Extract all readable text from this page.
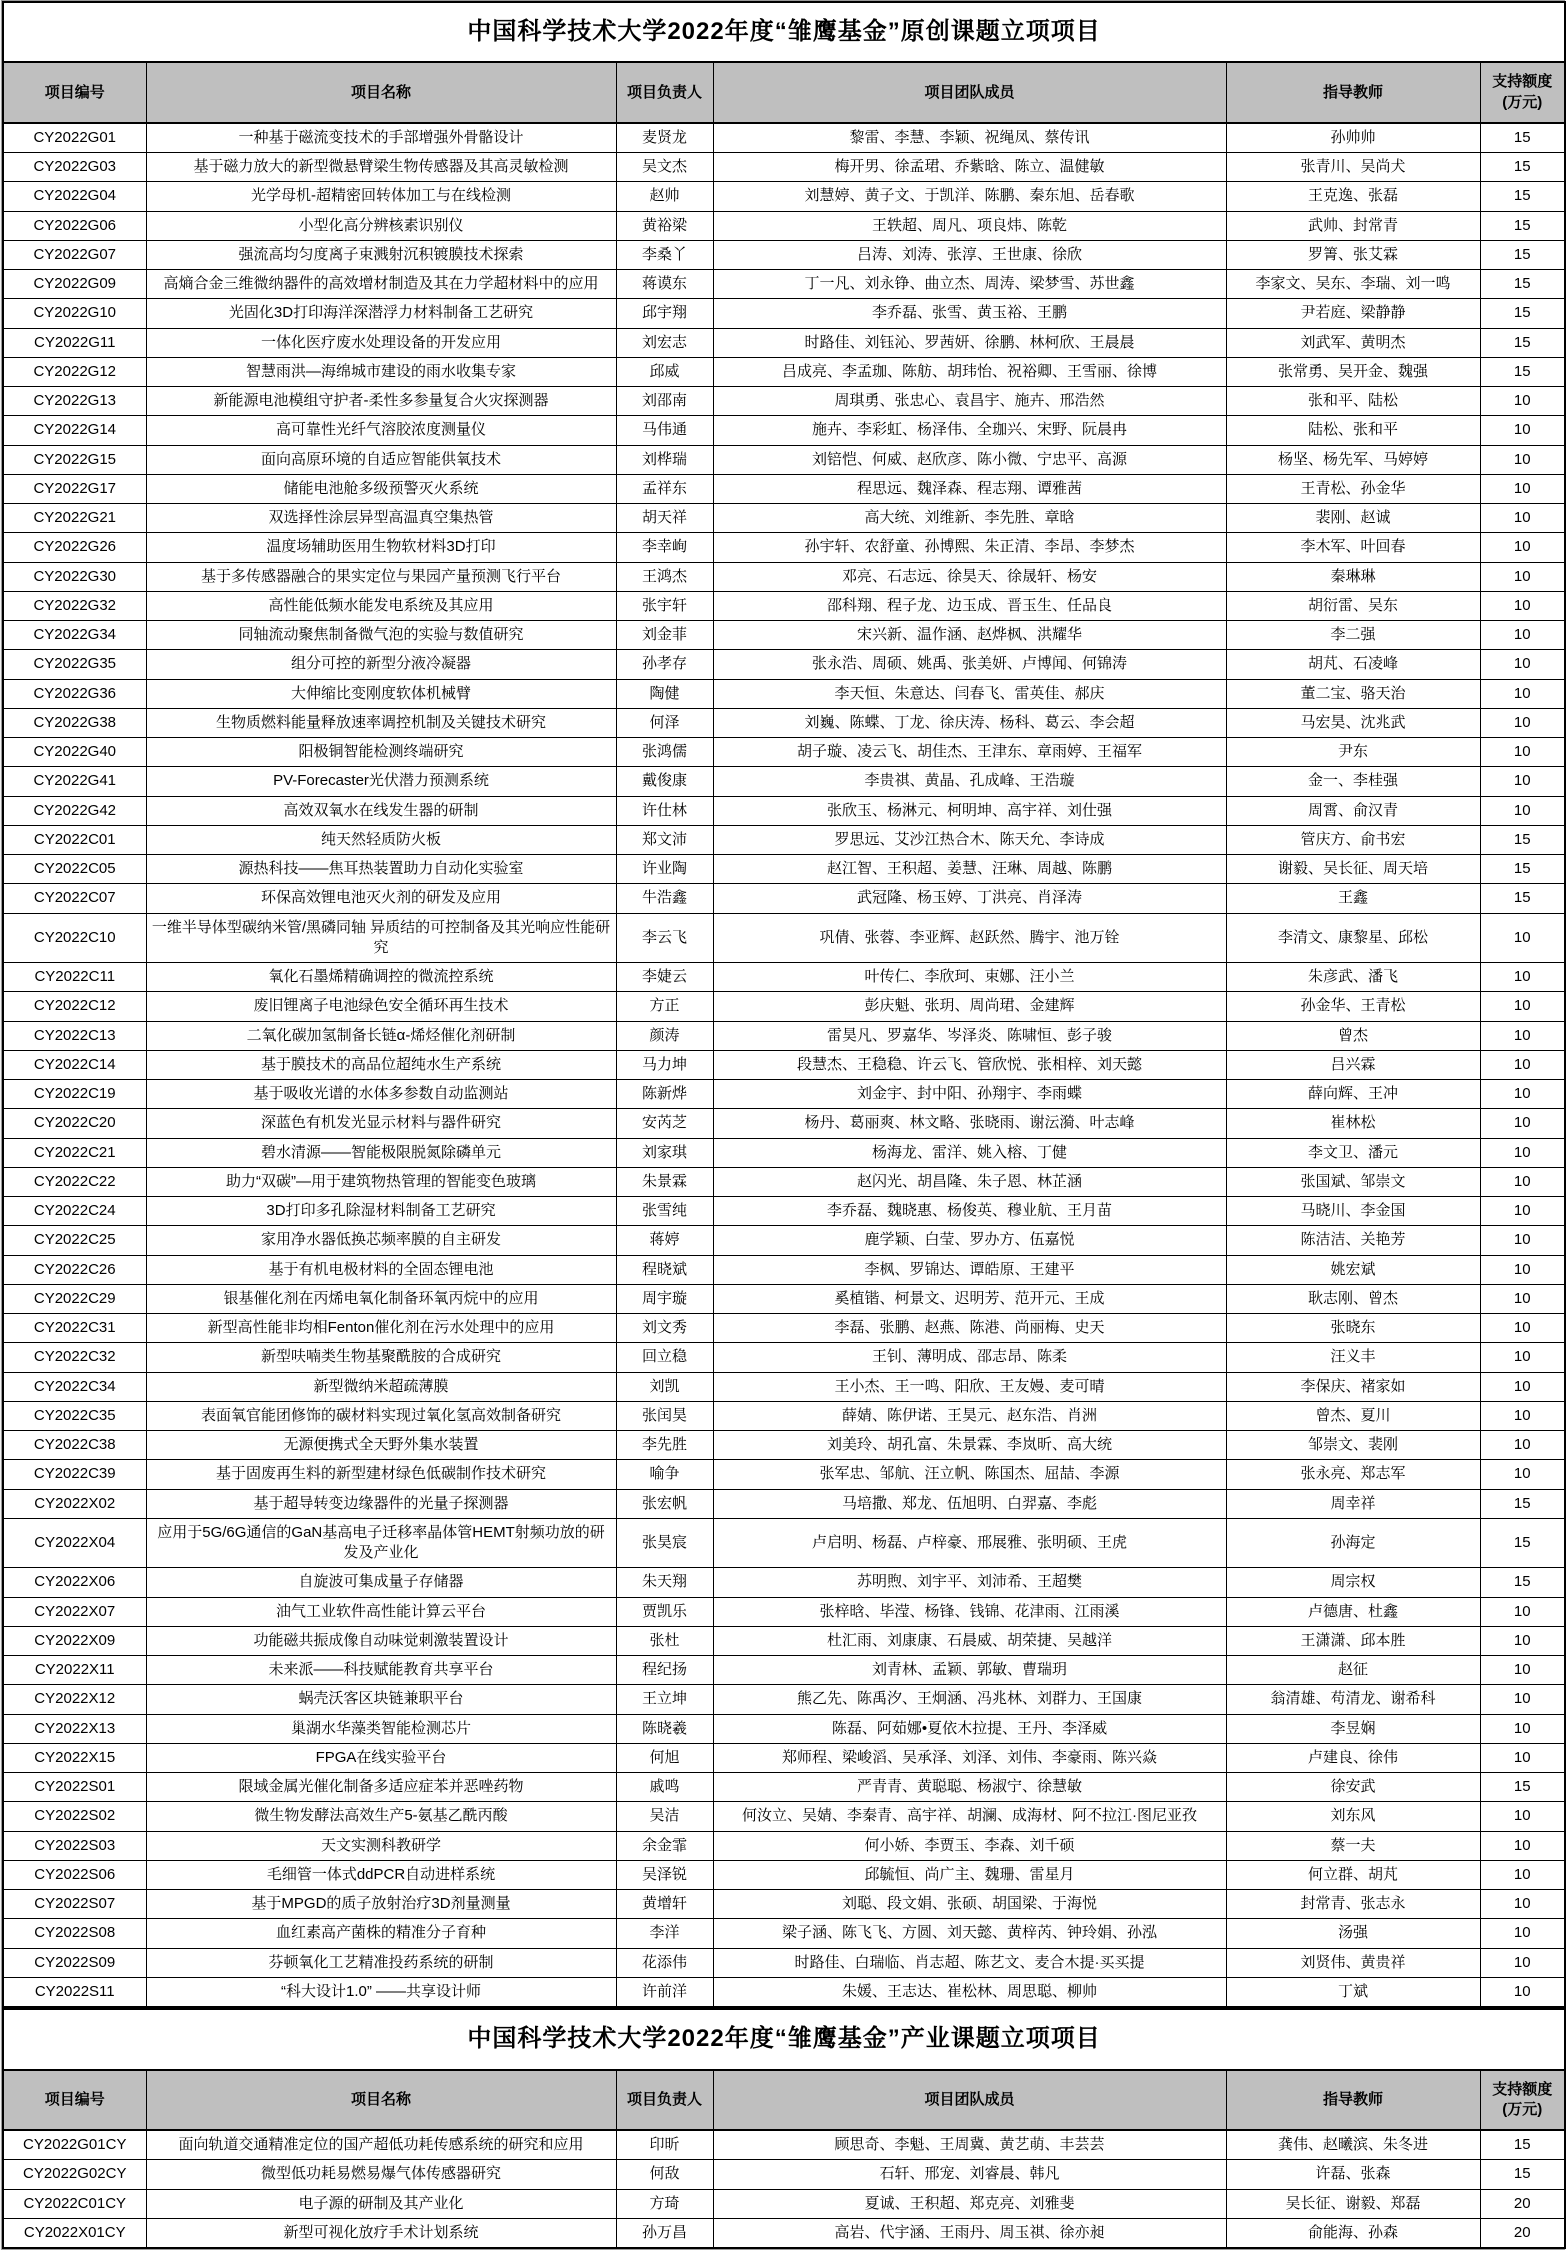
中国科学技术大学2022年度“雏鹰基金”原创课题立项项目					
项目编号	项目名称	项目负责人	项目团队成员	指导教师	支持额度(万元)
CY2022G01	一种基于磁流变技术的手部增强外骨骼设计	麦贤龙	黎雷、李慧、李颖、祝绳凤、蔡传讯	孙帅帅	15
CY2022G03	基于磁力放大的新型微悬臂梁生物传感器及其高灵敏检测	吴文杰	梅开男、徐孟珺、乔紫晗、陈立、温健敏	张青川、吴尚犬	15
CY2022G04	光学母机-超精密回转体加工与在线检测	赵帅	刘慧婷、黄子文、于凯洋、陈鹏、秦东旭、岳春歌	王克逸、张磊	15
CY2022G06	小型化高分辨核素识别仪	黄裕梁	王轶超、周凡、项良炜、陈乾	武帅、封常青	15
CY2022G07	强流高均匀度离子束溅射沉积镀膜技术探索	李桑丫	吕涛、刘涛、张淳、王世康、徐欣	罗箐、张艾霖	15
CY2022G09	高熵合金三维微纳器件的高效增材制造及其在力学超材料中的应用	蒋谟东	丁一凡、刘永铮、曲立杰、周涛、梁梦雪、苏世鑫	李家文、吴东、李瑞、刘一鸣	15
CY2022G10	光固化3D打印海洋深潜浮力材料制备工艺研究	邱宇翔	李乔磊、张雪、黄玉裕、王鹏	尹若庭、梁静静	15
CY2022G11	一体化医疗废水处理设备的开发应用	刘宏志	时路佳、刘钰沁、罗茜妍、徐鹏、林柯欣、王晨晨	刘武军、黄明杰	15
CY2022G12	智慧雨洪—海绵城市建设的雨水收集专家	邱威	吕成亮、李孟珈、陈舫、胡玮怡、祝裕卿、王雪丽、徐博	张常勇、吴开金、魏强	15
CY2022G13	新能源电池模组守护者-柔性多参量复合火灾探测器	刘邵南	周琪勇、张忠心、袁昌宇、施卉、邢浩然	张和平、陆松	10
CY2022G14	高可靠性光纤气溶胶浓度测量仪	马伟通	施卉、李彩虹、杨泽伟、全珈兴、宋野、阮晨冉	陆松、张和平	10
CY2022G15	面向高原环境的自适应智能供氧技术	刘桦瑞	刘锫恺、何威、赵欣彦、陈小微、宁忠平、高源	杨坚、杨先军、马婷婷	10
CY2022G17	储能电池舱多级预警灭火系统	孟祥东	程思远、魏泽森、程志翔、谭雅茜	王青松、孙金华	10
CY2022G21	双选择性涂层异型高温真空集热管	胡天祥	高大统、刘维新、李先胜、章晗	裴刚、赵诚	10
CY2022G26	温度场辅助医用生物软材料3D打印	李幸峋	孙宇轩、农舒童、孙博熙、朱正清、李昂、李梦杰	李木军、叶回春	10
CY2022G30	基于多传感器融合的果实定位与果园产量预测飞行平台	王鸿杰	邓亮、石志远、徐昊天、徐晟轩、杨安	秦琳琳	10
CY2022G32	高性能低频水能发电系统及其应用	张宇轩	邵科翔、程子龙、边玉成、晋玉生、任品良	胡衍雷、吴东	10
CY2022G34	同轴流动聚焦制备微气泡的实验与数值研究	刘金菲	宋兴新、温作涵、赵烨枫、洪耀华	李二强	10
CY2022G35	组分可控的新型分液冷凝器	孙孝存	张永浩、周硕、姚禹、张美妍、卢博闻、何锦涛	胡芃、石凌峰	10
CY2022G36	大伸缩比变刚度软体机械臂	陶健	李天恒、朱意达、闫春飞、雷英佳、郝庆	董二宝、骆天治	10
CY2022G38	生物质燃料能量释放速率调控机制及关键技术研究	何泽	刘巍、陈蝶、丁龙、徐庆涛、杨科、葛云、李会超	马宏昊、沈兆武	10
CY2022G40	阳极铜智能检测终端研究	张鸿儒	胡子璇、凌云飞、胡佳杰、王津东、章雨婷、王福军	尹东	10
CY2022G41	PV-Forecaster光伏潜力预测系统	戴俊康	李贵祺、黄晶、孔成峰、王浩璇	金一、李桂强	10
CY2022G42	高效双氧水在线发生器的研制	许仕林	张欣玉、杨淋元、柯明坤、高宇祥、刘仕强	周霄、俞汉青	10
CY2022C01	纯天然轻质防火板	郑文沛	罗思远、艾沙江热合木、陈天允、李诗成	管庆方、俞书宏	15
CY2022C05	源热科技——焦耳热装置助力自动化实验室	许业陶	赵江智、王积超、姜慧、汪琳、周越、陈鹏	谢毅、吴长征、周天培	15
CY2022C07	环保高效锂电池灭火剂的研发及应用	牛浩鑫	武冠隆、杨玉婷、丁洪亮、肖泽涛	王鑫	15
CY2022C10	一维半导体型碳纳米管/黑磷同轴 异质结的可控制备及其光响应性能研究	李云飞	巩倩、张蓉、李亚辉、赵跃然、腾宇、池万铨	李清文、康黎星、邱松	10
CY2022C11	氧化石墨烯精确调控的微流控系统	李婕云	叶传仁、李欣珂、束娜、汪小兰	朱彦武、潘飞	10
CY2022C12	废旧锂离子电池绿色安全循环再生技术	方正	彭庆魁、张玥、周尚珺、金建辉	孙金华、王青松	10
CY2022C13	二氧化碳加氢制备长链α-烯烃催化剂研制	颜涛	雷昊凡、罗嘉华、岑泽炎、陈啸恒、彭子骏	曾杰	10
CY2022C14	基于膜技术的高品位超纯水生产系统	马力坤	段慧杰、王稳稳、许云飞、管欣悦、张相梓、刘天懿	吕兴霖	10
CY2022C19	基于吸收光谱的水体多参数自动监测站	陈新烨	刘金宇、封中阳、孙翔宇、李雨蝶	薛向辉、王冲	10
CY2022C20	深蓝色有机发光显示材料与器件研究	安芮芝	杨丹、葛丽爽、林文略、张晓雨、谢沄漪、叶志峰	崔林松	10
CY2022C21	碧水清源——智能极限脱氮除磷单元	刘家琪	杨海龙、雷洋、姚入榕、丁健	李文卫、潘元	10
CY2022C22	助力“双碳”—用于建筑物热管理的智能变色玻璃	朱景霖	赵闪光、胡昌隆、朱子恩、林芷涵	张国斌、邹崇文	10
CY2022C24	3D打印多孔除湿材料制备工艺研究	张雪纯	李乔磊、魏晓惠、杨俊英、穆业航、王月苗	马晓川、李金国	10
CY2022C25	家用净水器低换芯频率膜的自主研发	蒋婷	鹿学颖、白莹、罗办方、伍嘉悦	陈洁洁、关艳芳	10
CY2022C26	基于有机电极材料的全固态锂电池	程晓斌	李枫、罗锦达、谭皓原、王建平	姚宏斌	10
CY2022C29	银基催化剂在丙烯电氧化制备环氧丙烷中的应用	周宇璇	奚植锴、柯景文、迟明芳、范开元、王成	耿志刚、曾杰	10
CY2022C31	新型高性能非均相Fenton催化剂在污水处理中的应用	刘文秀	李磊、张鹏、赵燕、陈港、尚丽梅、史天	张晓东	10
CY2022C32	新型呋喃类生物基聚酰胺的合成研究	回立稳	王钊、薄明成、邵志昂、陈柔	汪义丰	10
CY2022C34	新型微纳米超疏薄膜	刘凯	王小杰、王一鸣、阳欣、王友嫚、麦可晴	李保庆、褚家如	10
CY2022C35	表面氧官能团修饰的碳材料实现过氧化氢高效制备研究	张闰昊	薛婧、陈伊诺、王昊元、赵东浩、肖洲	曾杰、夏川	10
CY2022C38	无源便携式全天野外集水装置	李先胜	刘美玲、胡孔富、朱景霖、李岚昕、高大统	邹崇文、裴刚	10
CY2022C39	基于固废再生料的新型建材绿色低碳制作技术研究	喻争	张军忠、邹航、汪立帆、陈国杰、屈喆、李源	张永亮、郑志军	10
CY2022X02	基于超导转变边缘器件的光量子探测器	张宏帆	马培撒、郑龙、伍旭明、白羿嘉、李彪	周幸祥	15
CY2022X04	应用于5G/6G通信的GaN基高电子迁移率晶体管HEMT射频功放的研发及产业化	张昊宸	卢启明、杨磊、卢梓豪、邢展雅、张明硕、王虎	孙海定	15
CY2022X06	自旋波可集成量子存储器	朱天翔	苏明煦、刘宇平、刘沛希、王超樊	周宗权	15
CY2022X07	油气工业软件高性能计算云平台	贾凯乐	张梓晗、毕滢、杨锋、钱锦、花津雨、江雨溪	卢德唐、杜鑫	10
CY2022X09	功能磁共振成像自动味觉刺激装置设计	张杜	杜汇雨、刘康康、石晨威、胡荣捷、吴越洋	王潇潇、邱本胜	10
CY2022X11	未来派——科技赋能教育共享平台	程纪扬	刘青林、孟颖、郭敏、曹瑞玥	赵征	10
CY2022X12	蜗壳沃客区块链兼职平台	王立坤	熊乙先、陈禹汐、王炯涵、冯兆林、刘群力、王国康	翁清雄、苟清龙、谢希科	10
CY2022X13	巢湖水华藻类智能检测芯片	陈晓羲	陈磊、阿茹娜•夏依木拉提、王丹、李泽威	李昱娴	10
CY2022X15	FPGA在线实验平台	何旭	郑师程、梁峻滔、吴承泽、刘泽、刘伟、李豪雨、陈兴焱	卢建良、徐伟	10
CY2022S01	限域金属光催化制备多适应症苯并恶唑药物	戚鸣	严青青、黄聪聪、杨淑宁、徐慧敏	徐安武	15
CY2022S02	微生物发酵法高效生产5-氨基乙酰丙酸	吴洁	何汝立、吴婧、李秦青、高宇祥、胡澜、成海材、阿不拉江·图尼亚孜	刘东风	10
CY2022S03	天文实测科教研学	余金霏	何小娇、李贾玉、李森、刘千硕	蔡一夫	10
CY2022S06	毛细管一体式ddPCR自动进样系统	吴泽锐	邱毓恒、尚广主、魏珊、雷星月	何立群、胡芃	10
CY2022S07	基于MPGD的质子放射治疗3D剂量测量	黄增轩	刘聪、段文娟、张硕、胡国梁、于海悦	封常青、张志永	10
CY2022S08	血红素高产菌株的精准分子育种	李洋	梁子涵、陈飞飞、方圆、刘天懿、黄梓芮、钟玲娟、孙泓	汤强	10
CY2022S09	芬顿氧化工艺精准投药系统的研制	花添伟	时路佳、白瑞临、肖志超、陈艺文、麦合木提·买买提	刘贤伟、黄贵祥	10
CY2022S11	“科大设计1.0” ——共享设计师	许前洋	朱媛、王志达、崔松林、周思聪、柳帅	丁斌	10
中国科学技术大学2022年度“雏鹰基金”产业课题立项项目					
项目编号	项目名称	项目负责人	项目团队成员	指导教师	支持额度(万元)
CY2022G01CY	面向轨道交通精准定位的国产超低功耗传感系统的研究和应用	印昕	顾思奇、李魁、王周冀、黄艺萌、丰芸芸	龚伟、赵曦滨、朱冬进	15
CY2022G02CY	微型低功耗易燃易爆气体传感器研究	何敌	石轩、邢宠、刘睿晨、韩凡	许磊、张森	15
CY2022C01CY	电子源的研制及其产业化	方琦	夏诚、王积超、郑克亮、刘雅斐	吴长征、谢毅、郑磊	20
CY2022X01CY	新型可视化放疗手术计划系统	孙万昌	高岩、代宇涵、王雨丹、周玉祺、徐亦昶	俞能海、孙森	20
